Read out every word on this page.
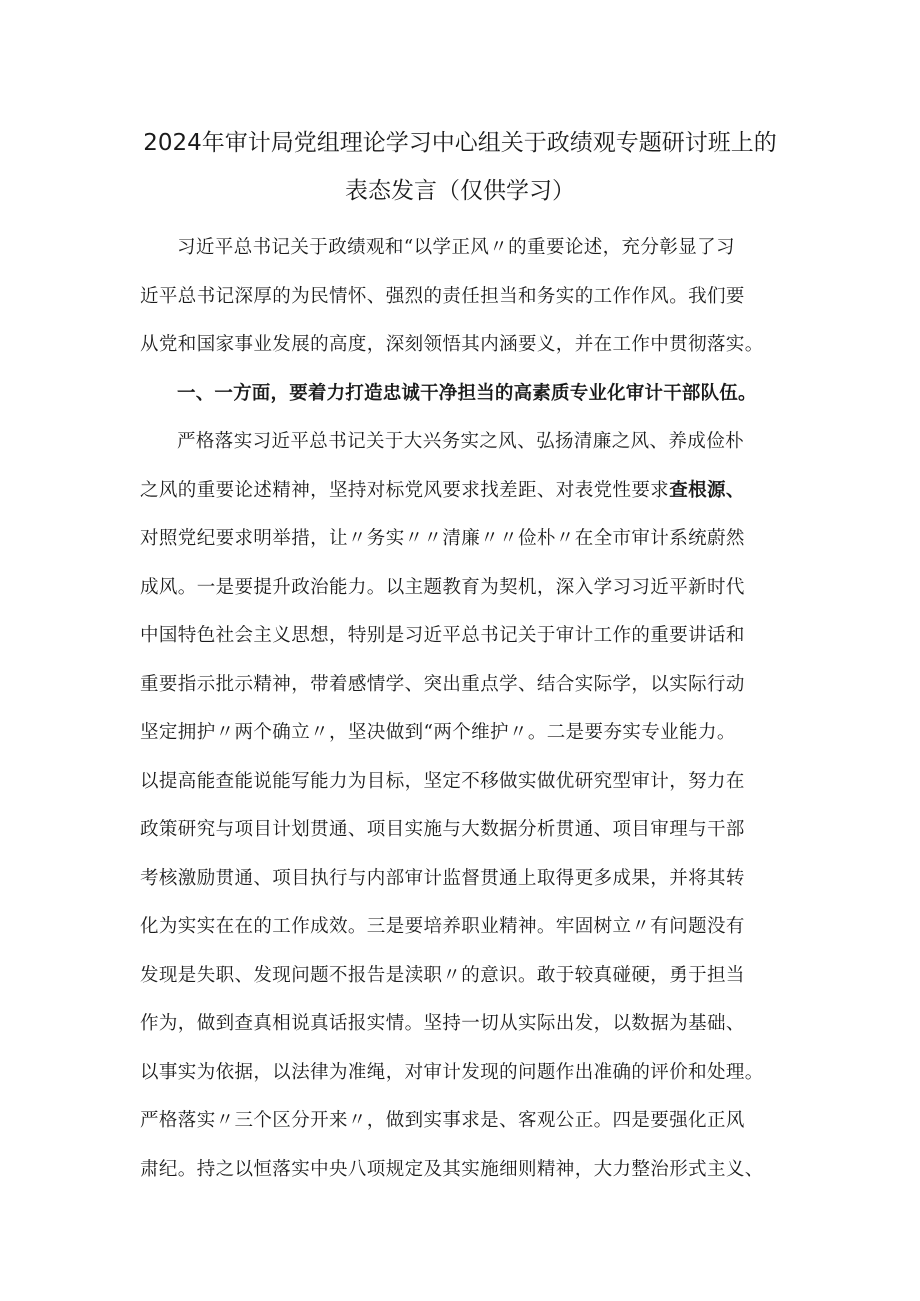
2024年审计局党组理论学习中心组关于政绩观专题研讨班上的
表态发言（仅供学习）
习近平总书记关于政绩观和“以学正风〃的重要论述，充分彰显了习
近平总书记深厚的为民情怀、强烈的责任担当和务实的工作作风。我们要
从党和国家事业发展的高度，深刻领悟其内涵要义，并在工作中贯彻落实。
一、一方面，要着力打造忠诚干净担当的高素质专业化审计干部队伍。
严格落实习近平总书记关于大兴务实之风、弘扬清廉之风、养成俭朴
之风的重要论述精神，坚持对标党风要求找差距、对表党性要求查根源、
对照党纪要求明举措，让〃务实〃〃清廉〃〃俭朴〃在全市审计系统蔚然
成风。一是要提升政治能力。以主题教育为契机，深入学习习近平新时代
中国特色社会主义思想，特别是习近平总书记关于审计工作的重要讲话和
重要指示批示精神，带着感情学、突出重点学、结合实际学，以实际行动
坚定拥护〃两个确立〃，坚决做到“两个维护〃。二是要夯实专业能力。
以提高能查能说能写能力为目标，坚定不移做实做优研究型审计，努力在
政策研究与项目计划贯通、项目实施与大数据分析贯通、项目审理与干部
考核激励贯通、项目执行与内部审计监督贯通上取得更多成果，并将其转
化为实实在在的工作成效。三是要培养职业精神。牢固树立〃有问题没有
发现是失职、发现问题不报告是渎职〃的意识。敢于较真碰硬，勇于担当
作为，做到查真相说真话报实情。坚持一切从实际出发，以数据为基础、
以事实为依据，以法律为准绳，对审计发现的问题作出准确的评价和处理。
严格落实〃三个区分开来〃，做到实事求是、客观公正。四是要强化正风
肃纪。持之以恒落实中央八项规定及其实施细则精神，大力整治形式主义、
